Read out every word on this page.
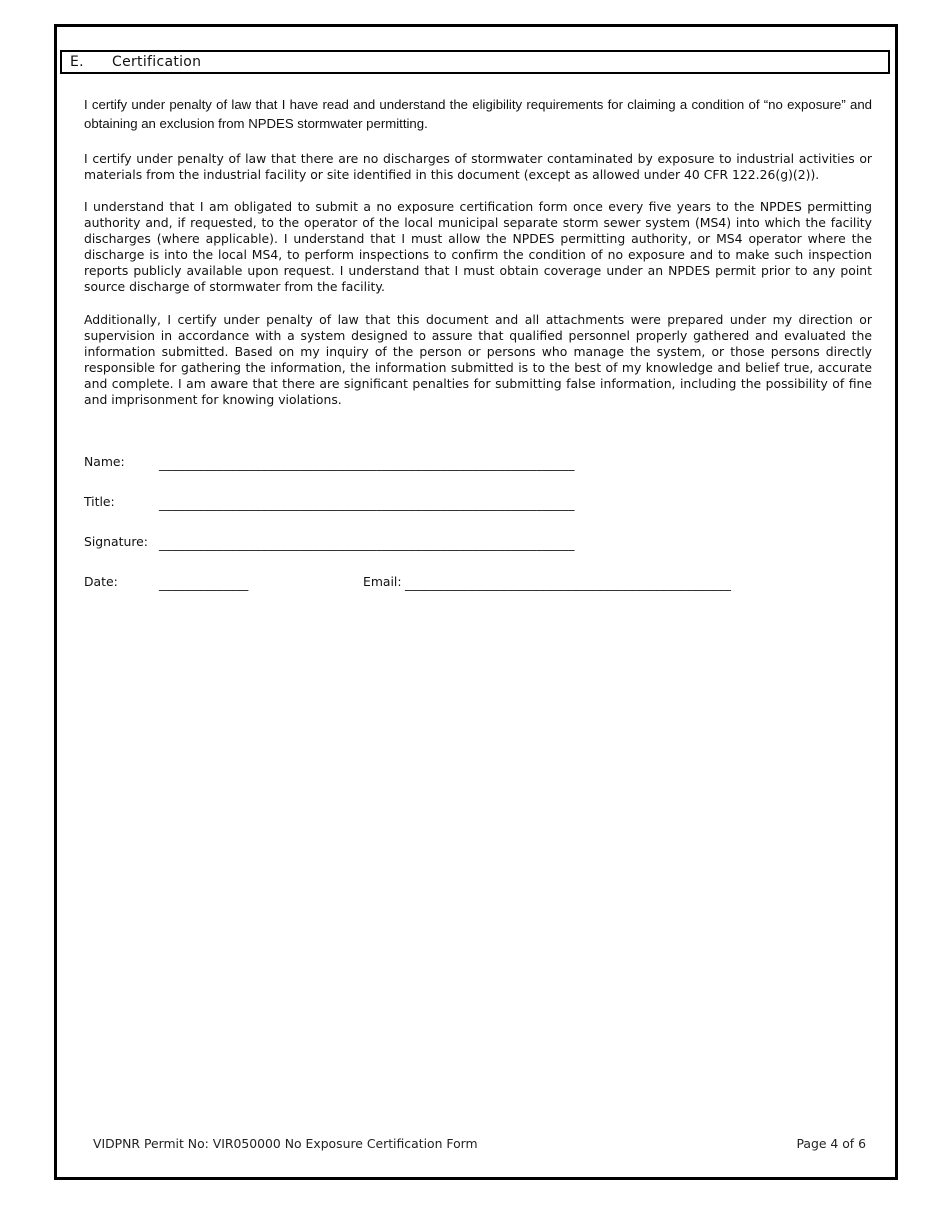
E. Certification

I certify under penalty of law that I have read and understand the eligibility requirements for claiming a condition of “no exposure” and obtaining an exclusion from NPDES stormwater permitting.

I certify under penalty of law that there are no discharges of stormwater contaminated by exposure to industrial activities or materials from the industrial facility or site identified in this document (except as allowed under 40 CFR 122.26(g)(2)).

I understand that I am obligated to submit a no exposure certification form once every five years to the NPDES permitting authority and, if requested, to the operator of the local municipal separate storm sewer system (MS4) into which the facility discharges (where applicable). I understand that I must allow the NPDES permitting authority, or MS4 operator where the discharge is into the local MS4, to perform inspections to confirm the condition of no exposure and to make such inspection reports publicly available upon request. I understand that I must obtain coverage under an NPDES permit prior to any point source discharge of stormwater from the facility.

Additionally, I certify under penalty of law that this document and all attachments were prepared under my direction or supervision in accordance with a system designed to assure that qualified personnel properly gathered and evaluated the information submitted. Based on my inquiry of the person or persons who manage the system, or those persons directly responsible for gathering the information, the information submitted is to the best of my knowledge and belief true, accurate and complete. I am aware that there are significant penalties for submitting false information, including the possibility of fine and imprisonment for knowing violations.

Name:	_________________________________________________________________
Title:	_________________________________________________________________
Signature: _________________________________________________________________
Date:	______________	Email: ___________________________________________________
VIDPNR Permit No: VIR050000 No Exposure Certification Form	Page 4 of 6
